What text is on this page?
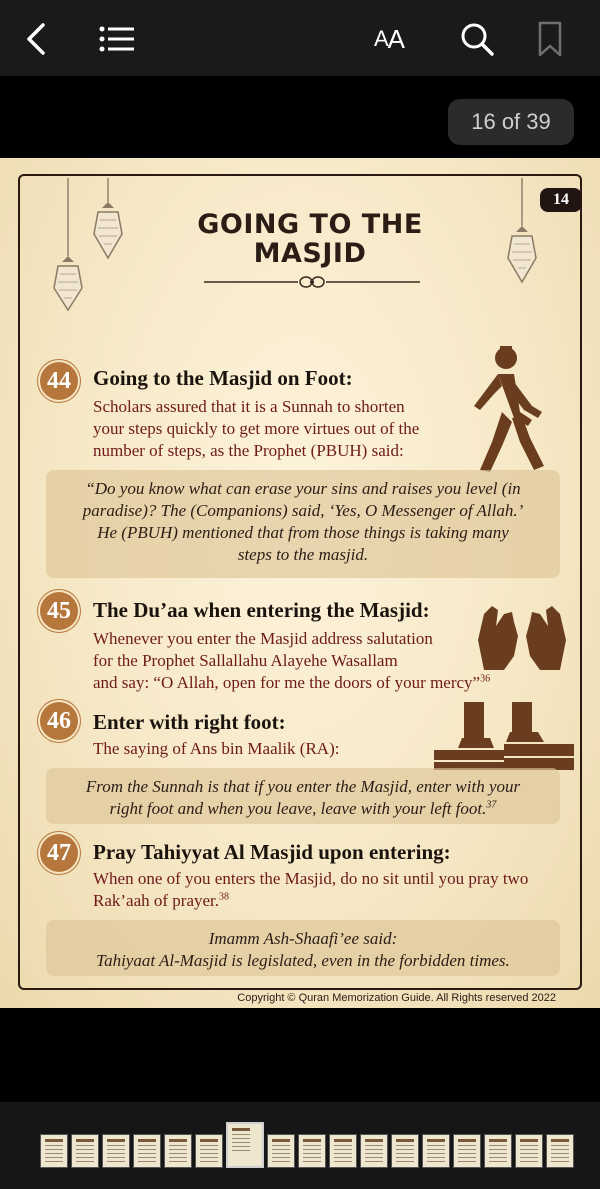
A A
16 of 39
14
GOING TO THE
MASJID
44	Going to the Masjid on Foot:
Scholars assured that it is a Sunnah to shorten
your steps quickly to get more virtues out of the
number of steps, as the Prophet (PBUH) said:
“Do you know what can erase your sins and raises you level (in
paradise)? The (Companions) said, ‘Yes, O Messenger of Allah.’
He (PBUH) mentioned that from those things is taking many
steps to the masjid.
45	The Du’aa when entering the Masjid:
Whenever you enter the Masjid address salutation
for the Prophet Sallallahu Alayehe Wasallam
and say: “O Allah, open for me the doors of your mercy”$^{36}$
46	Enter with right foot:
The saying of Ans bin Maalik (RA):
From the Sunnah is that if you enter the Masjid, enter with your
right foot and when you leave, leave with your left foot.$^{37}$
47	Pray Tahiyyat Al Masjid upon entering:
When one of you enters the Masjid, do no sit until you pray two
Rak’aah of prayer.$^{38}$
Imamm Ash-Shaafi’ee said:
Tahiyaat Al-Masjid is legislated, even in the forbidden times.
Copyright © Quran Memorization Guide. All Rights reserved 2022
